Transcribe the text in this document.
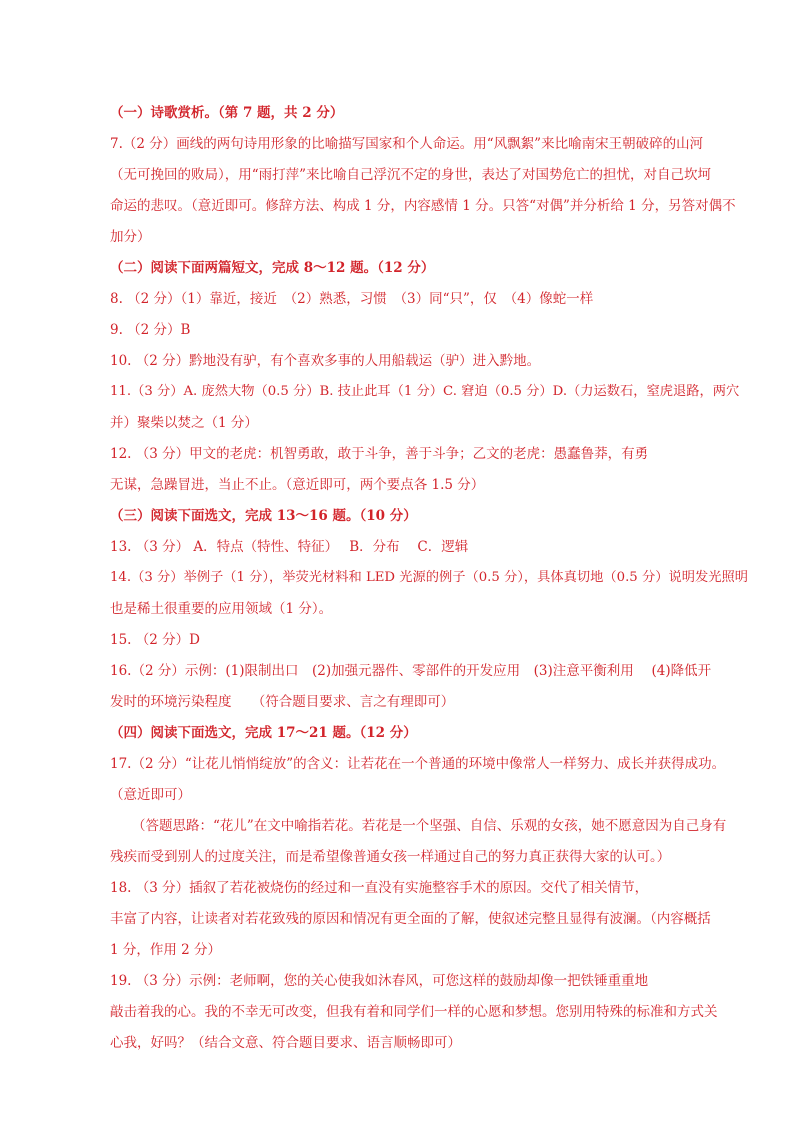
（一）诗歌赏析。（第 7 题，共 2 分）
7.（2 分）画线的两句诗用形象的比喻描写国家和个人命运。用“风飘絮”来比喻南宋王朝破碎的山河
（无可挽回的败局），用“雨打萍”来比喻自己浮沉不定的身世，表达了对国势危亡的担忧，对自己坎坷
命运的悲叹。（意近即可。修辞方法、构成 1 分，内容感情 1 分。只答“对偶”并分析给 1 分，另答对偶不
加分）
（二）阅读下面两篇短文，完成 8～12 题。（12 分）
8. （2 分）（1）靠近，接近　（2）熟悉，习惯　（3）同“只”，仅　（4）像蛇一样
9. （2 分）B
10. （2 分）黔地没有驴，有个喜欢多事的人用船载运（驴）进入黔地。
11.（3 分）A. 庞然大物（0.5 分）B. 技止此耳（1 分）C. 窘迫（0.5 分）D.（力运数石，窒虎退路，两穴
并）聚柴以焚之（1 分）
12. （3 分）甲文的老虎：机智勇敢，敢于斗争，善于斗争；乙文的老虎：愚蠢鲁莽，有勇
无谋，急躁冒进，当止不止。（意近即可，两个要点各 1.5 分）
（三）阅读下面选文，完成 13～16 题。（10 分）
13. （3 分） A．特点（特性、特征）　 B．分布　 C．逻辑
14.（3 分）举例子（1 分），举荧光材料和 LED 光源的例子（0.5 分），具体真切地（0.5 分）说明发光照明
也是稀土很重要的应用领域（1 分）。
15. （2 分）D
16.（2 分）示例：(1)限制出口　(2)加强元器件、零部件的开发应用　(3)注意平衡利用　 (4)降低开
发时的环境污染程度　　（符合题目要求、言之有理即可）
（四）阅读下面选文，完成 17～21 题。（12 分）
17.（2 分）“让花儿悄悄绽放”的含义：让若花在一个普通的环境中像常人一样努力、成长并获得成功。
（意近即可）
（答题思路：“花儿”在文中喻指若花。若花是一个坚强、自信、乐观的女孩，她不愿意因为自己身有
残疾而受到别人的过度关注，而是希望像普通女孩一样通过自己的努力真正获得大家的认可。）
18. （3 分）插叙了若花被烧伤的经过和一直没有实施整容手术的原因。交代了相关情节，
丰富了内容，让读者对若花致残的原因和情况有更全面的了解，使叙述完整且显得有波澜。（内容概括
1 分，作用 2 分）
19. （3 分）示例：老师啊，您的关心使我如沐春风，可您这样的鼓励却像一把铁锤重重地
敲击着我的心。我的不幸无可改变，但我有着和同学们一样的心愿和梦想。您别用特殊的标准和方式关
心我，好吗？（结合文意、符合题目要求、语言顺畅即可）
